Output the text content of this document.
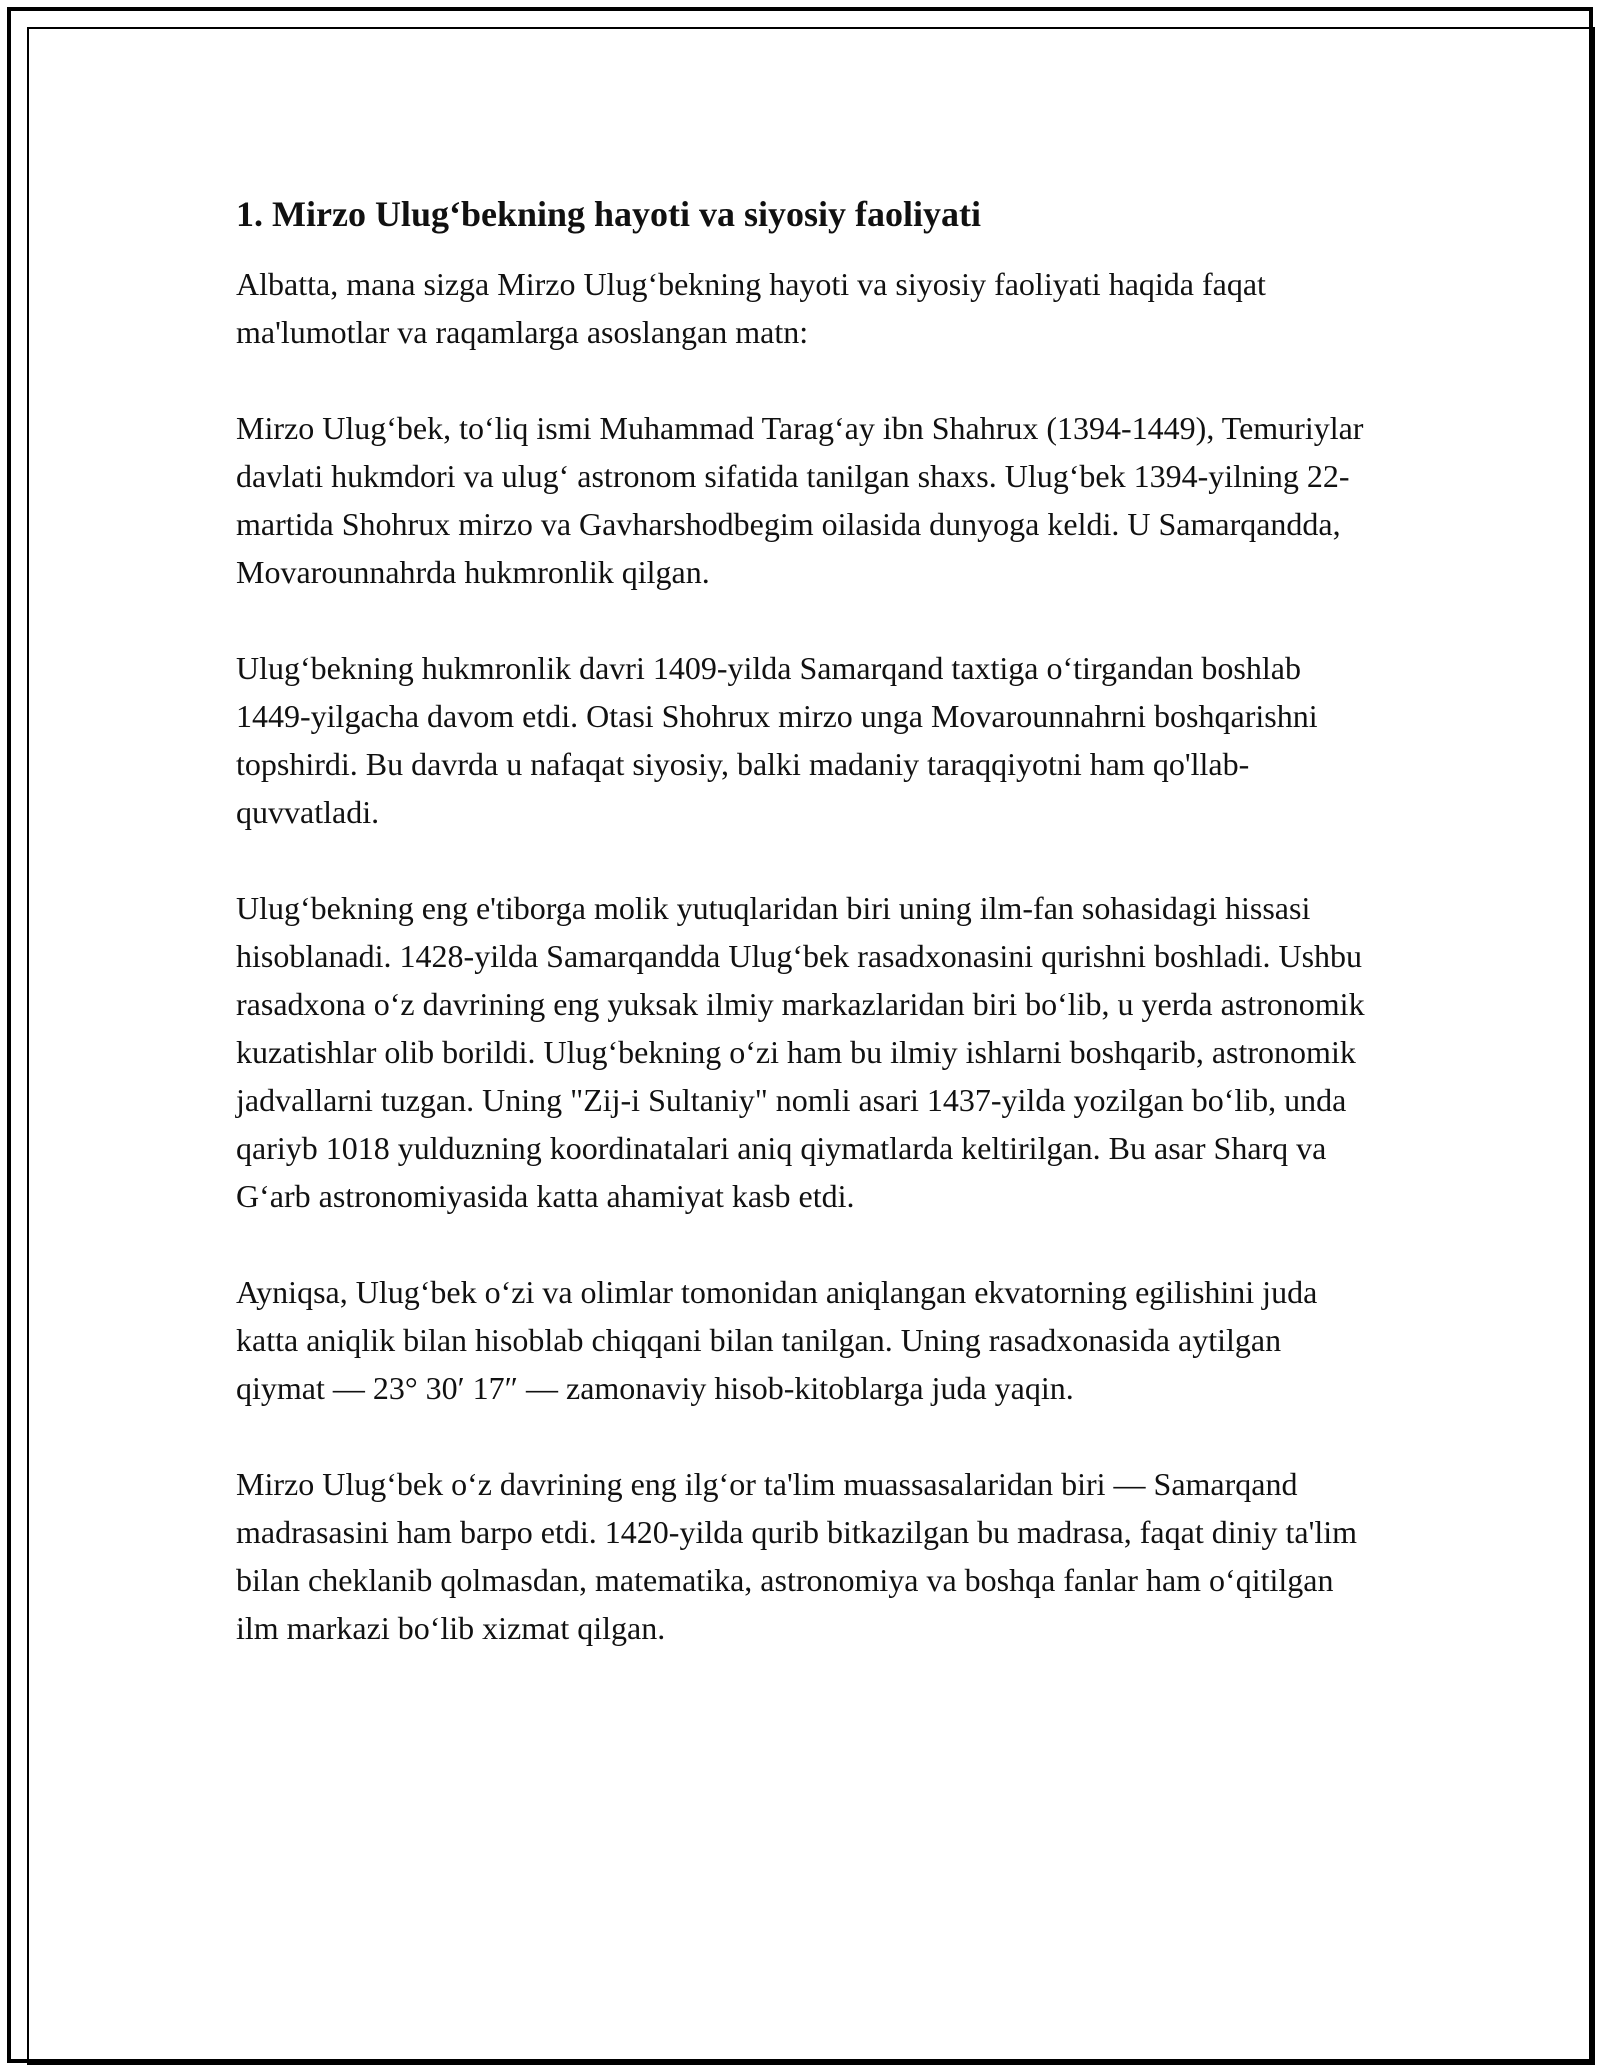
1. Mirzo Ulug‘bekning hayoti va siyosiy faoliyati

Albatta, mana sizga Mirzo Ulug‘bekning hayoti va siyosiy faoliyati haqida faqat ma'lumotlar va raqamlarga asoslangan matn:

Mirzo Ulug‘bek, to‘liq ismi Muhammad Tarag‘ay ibn Shahrux (1394-1449), Temuriylar davlati hukmdori va ulug‘ astronom sifatida tanilgan shaxs. Ulug‘bek 1394-yilning 22-martida Shohrux mirzo va Gavharshodbegim oilasida dunyoga keldi. U Samarqandda, Movarounnahrda hukmronlik qilgan.

Ulug‘bekning hukmronlik davri 1409-yilda Samarqand taxtiga o‘tirgandan boshlab 1449-yilgacha davom etdi. Otasi Shohrux mirzo unga Movarounnahrni boshqarishni topshirdi. Bu davrda u nafaqat siyosiy, balki madaniy taraqqiyotni ham qo'llab-quvvatladi.

Ulug‘bekning eng e'tiborga molik yutuqlaridan biri uning ilm-fan sohasidagi hissasi hisoblanadi. 1428-yilda Samarqandda Ulug‘bek rasadxonasini qurishni boshladi. Ushbu rasadxona o‘z davrining eng yuksak ilmiy markazlaridan biri bo‘lib, u yerda astronomik kuzatishlar olib borildi. Ulug‘bekning o‘zi ham bu ilmiy ishlarni boshqarib, astronomik jadvallarni tuzgan. Uning "Zij-i Sultaniy" nomli asari 1437-yilda yozilgan bo‘lib, unda qariyb 1018 yulduzning koordinatalari aniq qiymatlarda keltirilgan. Bu asar Sharq va G‘arb astronomiyasida katta ahamiyat kasb etdi.

Ayniqsa, Ulug‘bek o‘zi va olimlar tomonidan aniqlangan ekvatorning egilishini juda katta aniqlik bilan hisoblab chiqqani bilan tanilgan. Uning rasadxonasida aytilgan qiymat — 23° 30′ 17″ — zamonaviy hisob-kitoblarga juda yaqin.

Mirzo Ulug‘bek o‘z davrining eng ilg‘or ta'lim muassasalaridan biri — Samarqand madrasasini ham barpo etdi. 1420-yilda qurib bitkazilgan bu madrasa, faqat diniy ta'lim bilan cheklanib qolmasdan, matematika, astronomiya va boshqa fanlar ham o‘qitilgan ilm markazi bo‘lib xizmat qilgan.
